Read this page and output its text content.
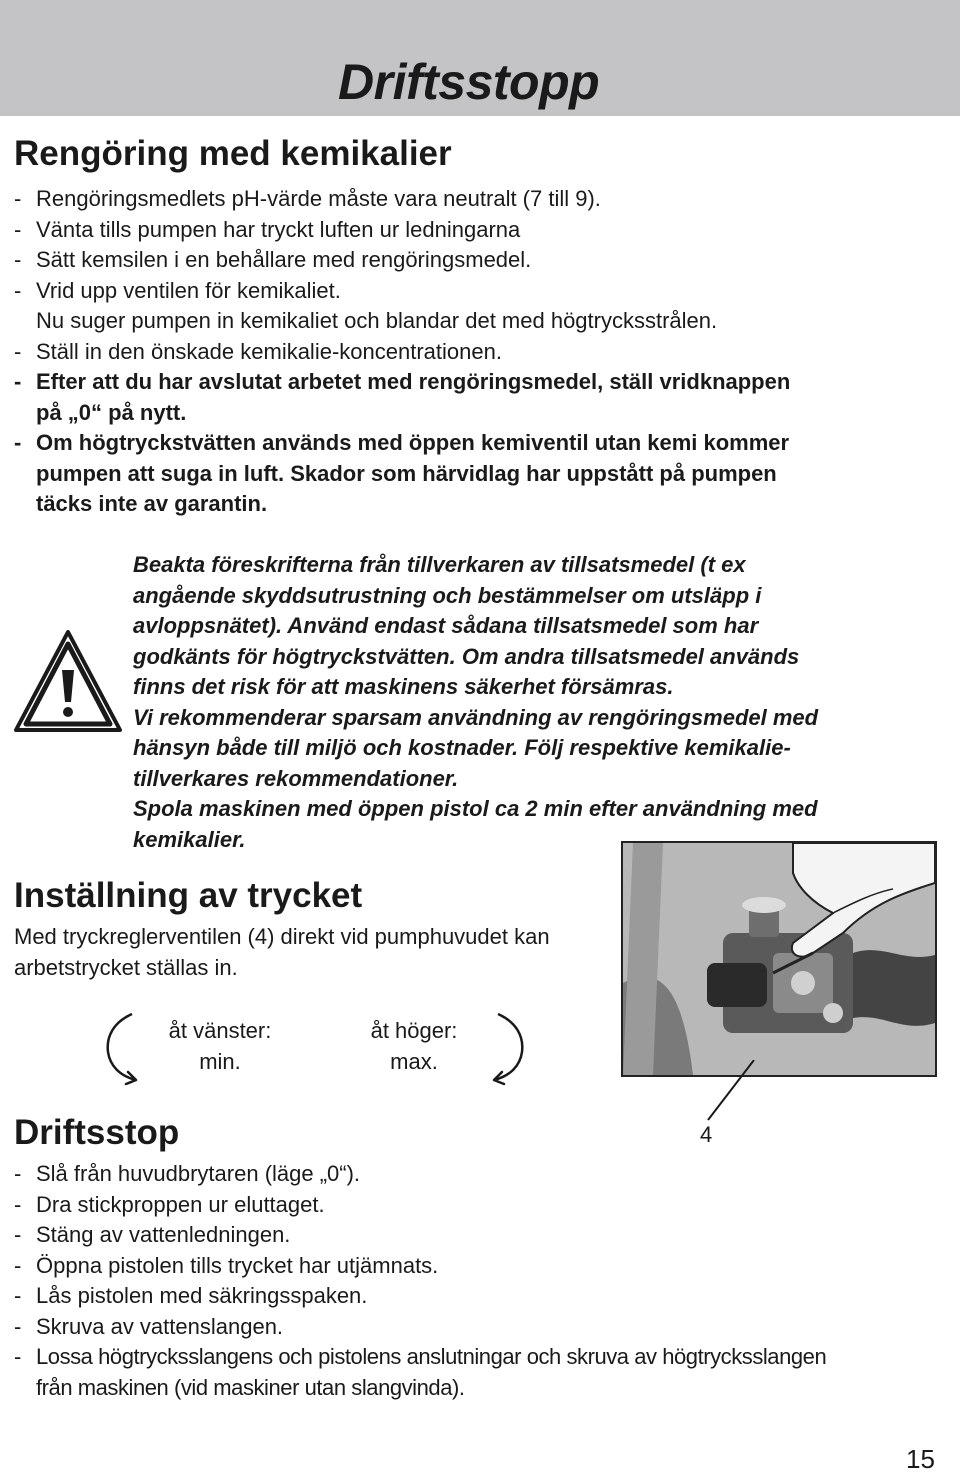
Driftsstopp
Rengöring med kemikalier
- Rengöringsmedlets pH-värde måste vara neutralt (7 till 9).
- Vänta tills pumpen har tryckt luften ur ledningarna
- Sätt kemsilen i en behållare med rengöringsmedel.
- Vrid upp ventilen för kemikaliet.
Nu suger pumpen in kemikaliet och blandar det med högtrycksstrålen.
- Ställ in den önskade kemikalie-koncentrationen.
- Efter att du har avslutat arbetet med rengöringsmedel, ställ vridknappen
på „0“ på nytt.
- Om högtryckstvätten används med öppen kemiventil utan kemi kommer
pumpen att suga in luft. Skador som härvidlag har uppstått på pumpen
täcks inte av garantin.

Beakta föreskrifterna från tillverkaren av tillsatsmedel (t ex
angående skyddsutrustning och bestämmelser om utsläpp i
avloppsnätet). Använd endast sådana tillsatsmedel som har
godkänts för högtryckstvätten. Om andra tillsatsmedel används
finns det risk för att maskinens säkerhet försämras.

Vi rekommenderar sparsam användning av rengöringsmedel med
hänsyn både till miljö och kostnader. Följ respektive kemikalie-
tillverkares rekommendationer.

Spola maskinen med öppen pistol ca 2 min efter användning med
kemikalier.

Inställning av trycket

Med tryckreglerventilen (4) direkt vid pumphuvudet kan
arbetstrycket ställas in.

åt vänster:
min.
åt höger:
max.
4
Driftsstop
- Slå från huvudbrytaren (läge „0“).
- Dra stickproppen ur eluttaget.
- Stäng av vattenledningen.
- Öppna pistolen tills trycket har utjämnats.
- Lås pistolen med säkringsspaken.
- Skruva av vattenslangen.
- Lossa högtrycksslangens och pistolens anslutningar och skruva av högtrycksslangen
från maskinen (vid maskiner utan slangvinda).
15
